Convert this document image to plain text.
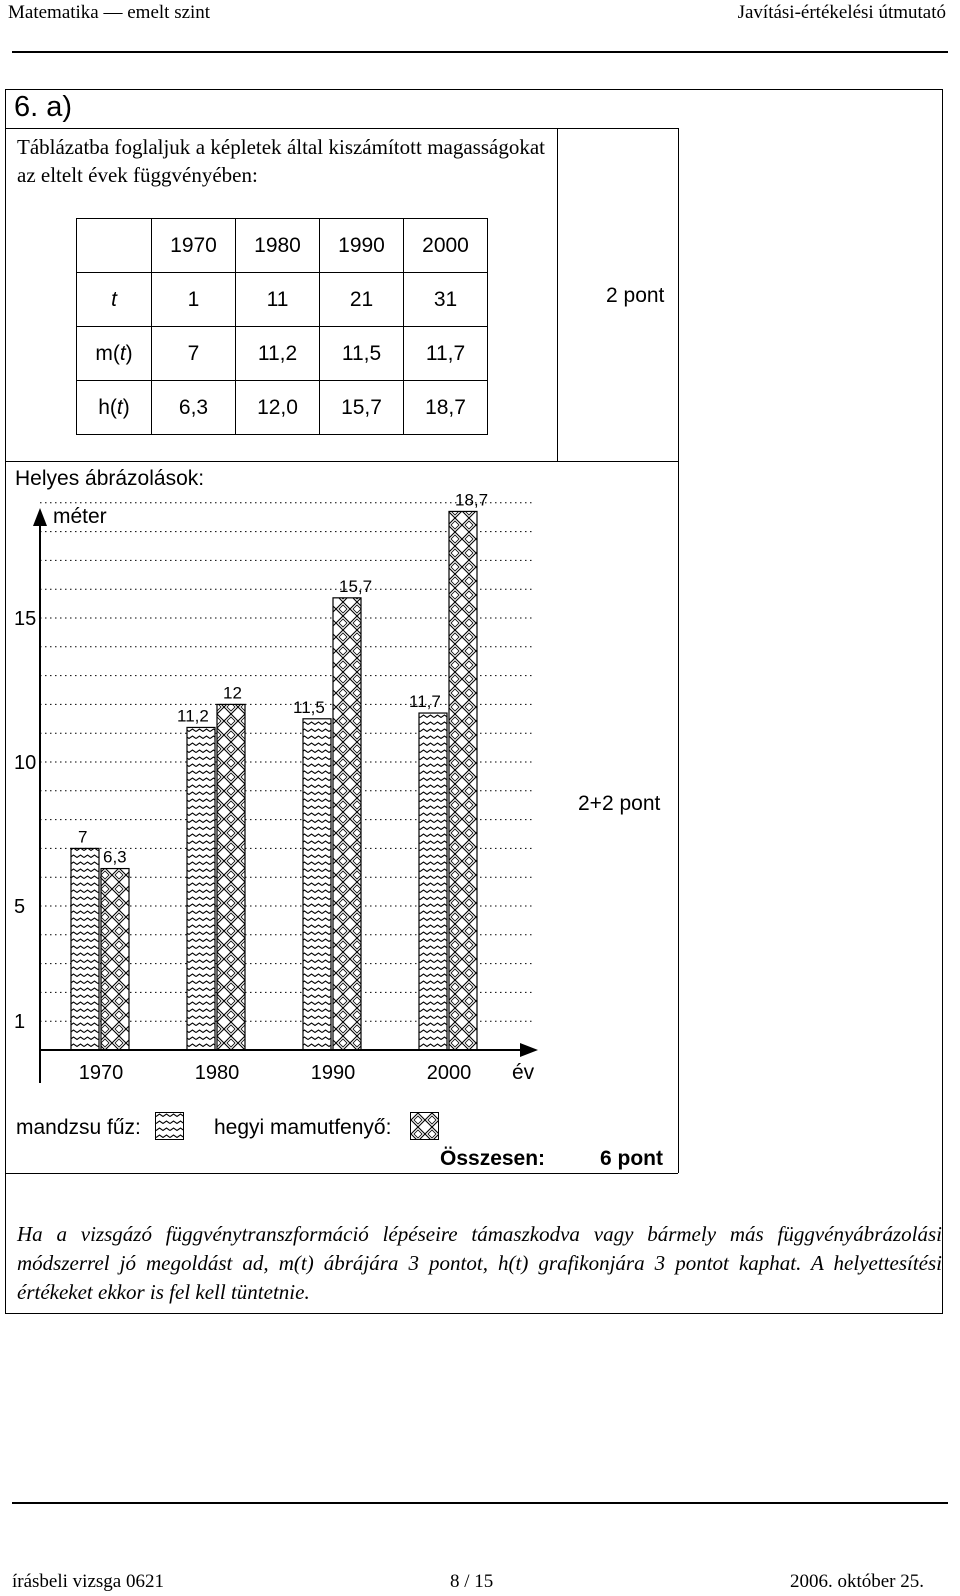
Matematika — emelt szint	Javítási-értékelési útmutató
6. a)
Táblázatba foglaljuk a képletek által kiszámított magasságokat az eltelt évek függvényében:
	1970	1980	1990	2000
t	1	11	21	31
m(t)	7	11,2	11,5	11,7
h(t)	6,3	12,0	15,7	18,7
2 pont
Helyes ábrázolások:
7
11,2	11,5	11,7
6,3
12
15,7
18,7
1
5
10
15
1970	1980	1990	2000
méter
év
2+2 pont
mandzsu fűz:	hegyi mamutfenyő:
Összesen:	6 pont
Ha a vizsgázó függvénytranszformáció lépéseire támaszkodva vagy bármely más függvényábrázolási módszerrel jó megoldást ad, m(t) ábrájára 3 pontot, h(t) grafikonjára 3 pontot kaphat. A helyettesítési értékeket ekkor is fel kell tüntetnie.
írásbeli vizsga 0621	8 / 15	2006. október 25.
